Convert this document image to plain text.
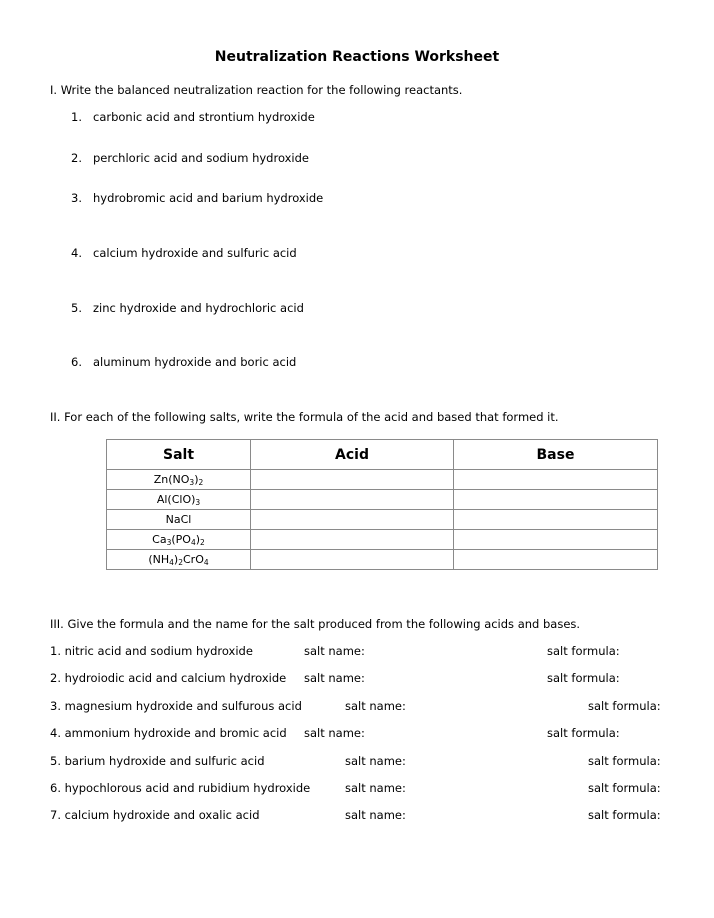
Neutralization Reactions Worksheet
I. Write the balanced neutralization reaction for the following reactants.
1. carbonic acid and strontium hydroxide
2. perchloric acid and sodium hydroxide
3. hydrobromic acid and barium hydroxide
4. calcium hydroxide and sulfuric acid
5. zinc hydroxide and hydrochloric acid
6. aluminum hydroxide and boric acid
II. For each of the following salts, write the formula of the acid and based that formed it.
Salt	Acid	Base
$Zn(NO_3)_2$		
$Al(ClO)_3$		
NaCl		
$Ca_3(PO_4)_2$		
$(NH_4)_2CrO_4$		
III. Give the formula and the name for the salt produced from the following acids and bases.
1. nitric acid and sodium hydroxide	salt name:	salt formula:
2. hydroiodic acid and calcium hydroxide salt name:	salt formula:
3. magnesium hydroxide and sulfurous acid	salt name:	salt formula:
4. ammonium hydroxide and bromic acid salt name:	salt formula:
5. barium hydroxide and sulfuric acid	salt name:	salt formula:
6. hypochlorous acid and rubidium hydroxide	salt name:	salt formula:
7. calcium hydroxide and oxalic acid	salt name:	salt formula:
